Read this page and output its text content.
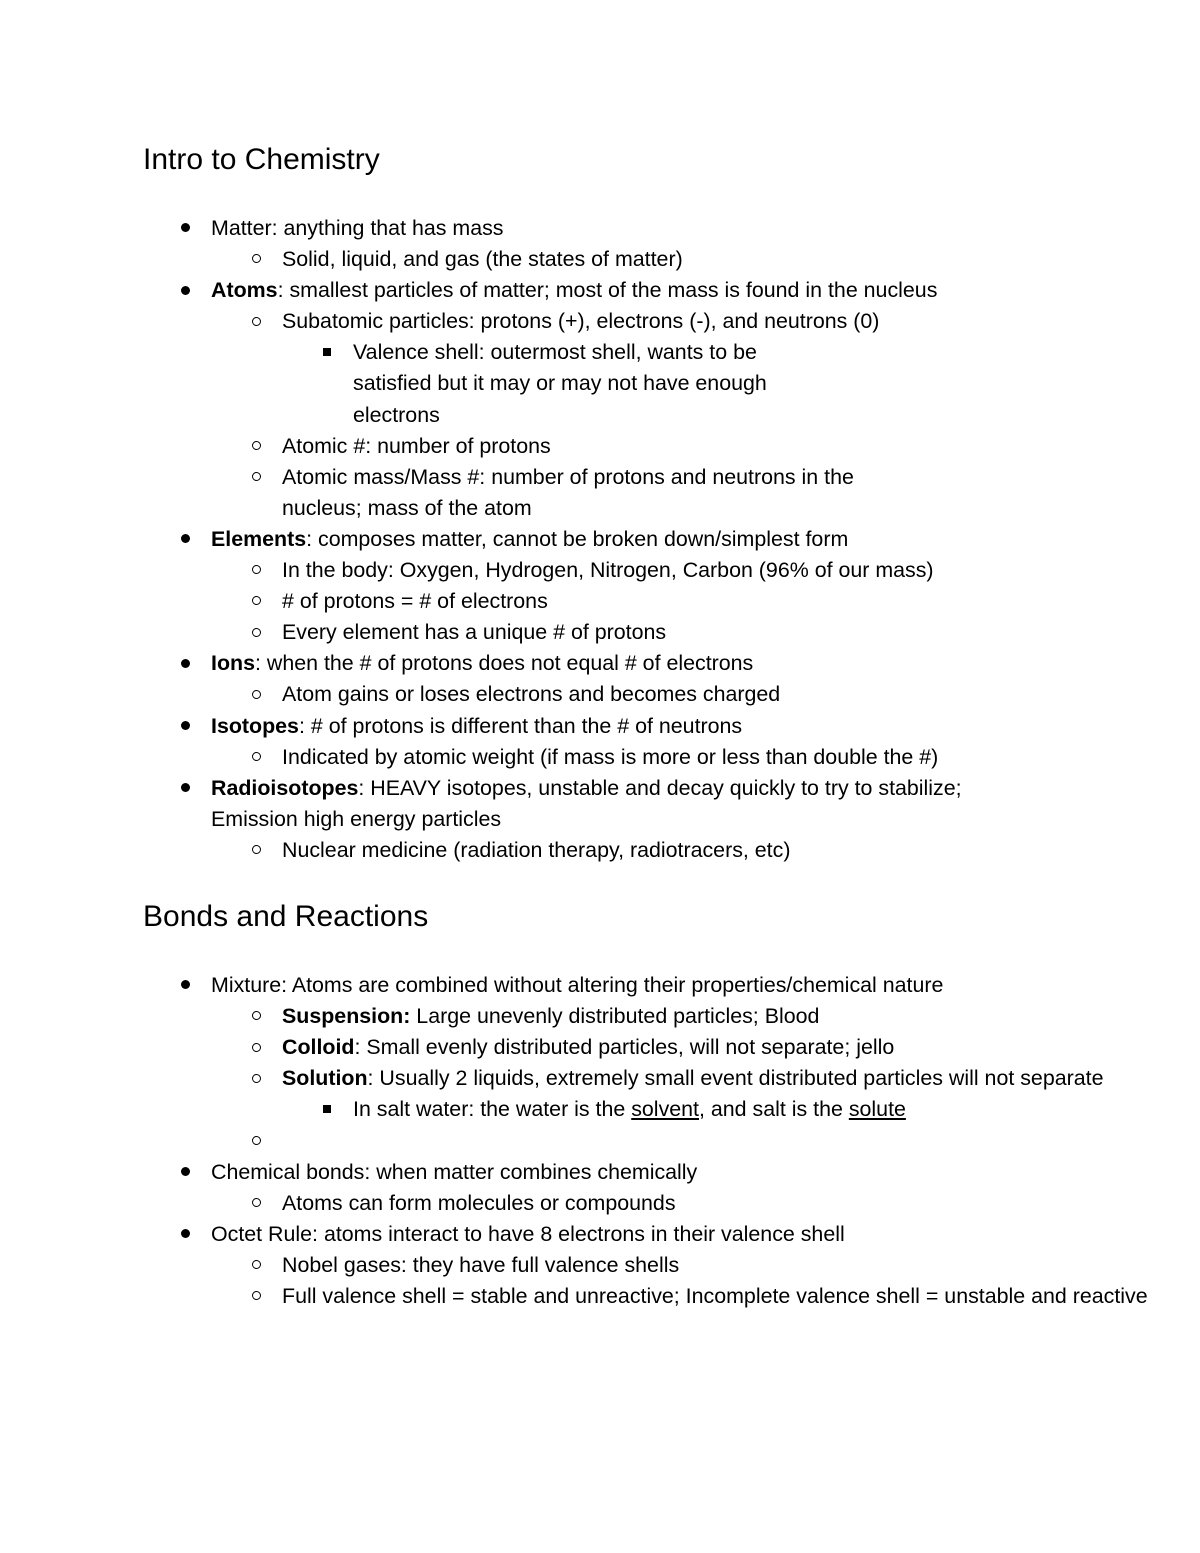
Intro to Chemistry
Matter: anything that has mass
Solid, liquid, and gas (the states of matter)
Atoms: smallest particles of matter; most of the mass is found in the nucleus
Subatomic particles: protons (+), electrons (-), and neutrons (0)
Valence shell: outermost shell, wants to be satisfied but it may or may not have enough electrons
Atomic #: number of protons
Atomic mass/Mass #: number of protons and neutrons in the nucleus; mass of the atom
Elements: composes matter, cannot be broken down/simplest form
In the body: Oxygen, Hydrogen, Nitrogen, Carbon (96% of our mass)
# of protons = # of electrons
Every element has a unique # of protons
Ions: when the # of protons does not equal # of electrons
Atom gains or loses electrons and becomes charged
Isotopes: # of protons is different than the # of neutrons
Indicated by atomic weight (if mass is more or less than double the #)
Radioisotopes: HEAVY isotopes, unstable and decay quickly to try to stabilize; Emission high energy particles
Nuclear medicine (radiation therapy, radiotracers, etc)
Bonds and Reactions
Mixture: Atoms are combined without altering their properties/chemical nature
Suspension: Large unevenly distributed particles; Blood
Colloid: Small evenly distributed particles, will not separate; jello
Solution: Usually 2 liquids, extremely small event distributed particles will not separate
In salt water: the water is the solvent, and salt is the solute

Chemical bonds: when matter combines chemically
Atoms can form molecules or compounds
Octet Rule: atoms interact to have 8 electrons in their valence shell
Nobel gases: they have full valence shells
Full valence shell = stable and unreactive; Incomplete valence shell = unstable and reactive
